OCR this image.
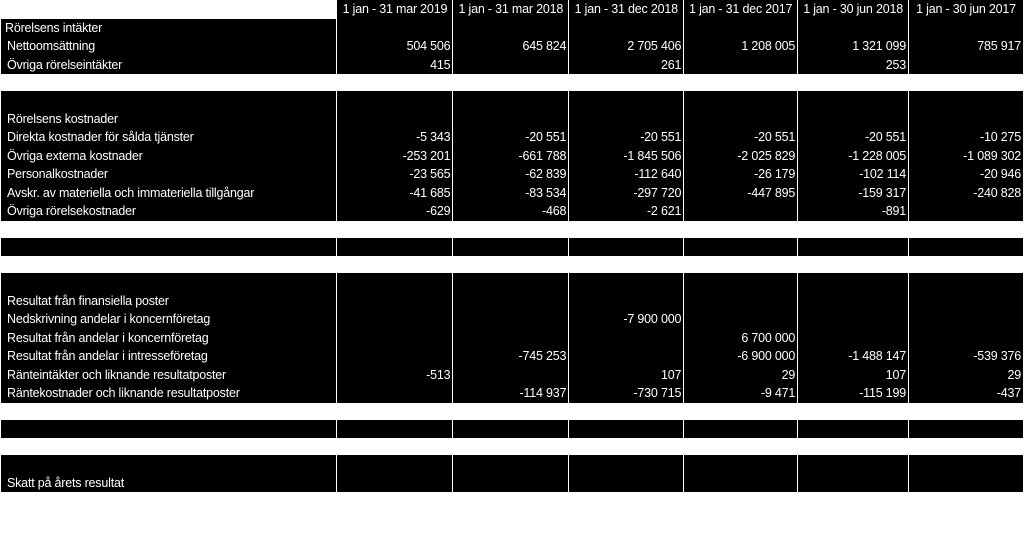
	1 jan - 31 mar 2019	1 jan - 31 mar 2018	1 jan - 31 dec 2018	1 jan - 31 dec 2017	1 jan - 30 jun 2018	1 jan - 30 jun 2017
Rörelsens intäkter						
Nettoomsättning	504 506	645 824	2 705 406	1 208 005	1 321 099	785 917
Övriga rörelseintäkter	415		261		253	

Rörelsens kostnader						
Direkta kostnader för sålda tjänster	-5 343	-20 551	-20 551	-20 551	-20 551	-10 275
Övriga externa kostnader	-253 201	-661 788	-1 845 506	-2 025 829	-1 228 005	-1 089 302
Personalkostnader	-23 565	-62 839	-112 640	-26 179	-102 114	-20 946
Avskr. av materiella och immateriella tillgångar	-41 685	-83 534	-297 720	-447 895	-159 317	-240 828
Övriga rörelsekostnader	-629	-468	-2 621		-891	

Resultat från finansiella poster						
Nedskrivning andelar i koncernföretag			-7 900 000			
Resultat från andelar i koncernföretag				6 700 000		
Resultat från andelar i intresseföretag		-745 253		-6 900 000	-1 488 147	-539 376
Ränteintäkter och liknande resultatposter	-513		107	29	107	29
Räntekostnader och liknande resultatposter		-114 937	-730 715	-9 471	-115 199	-437

Skatt på årets resultat						
